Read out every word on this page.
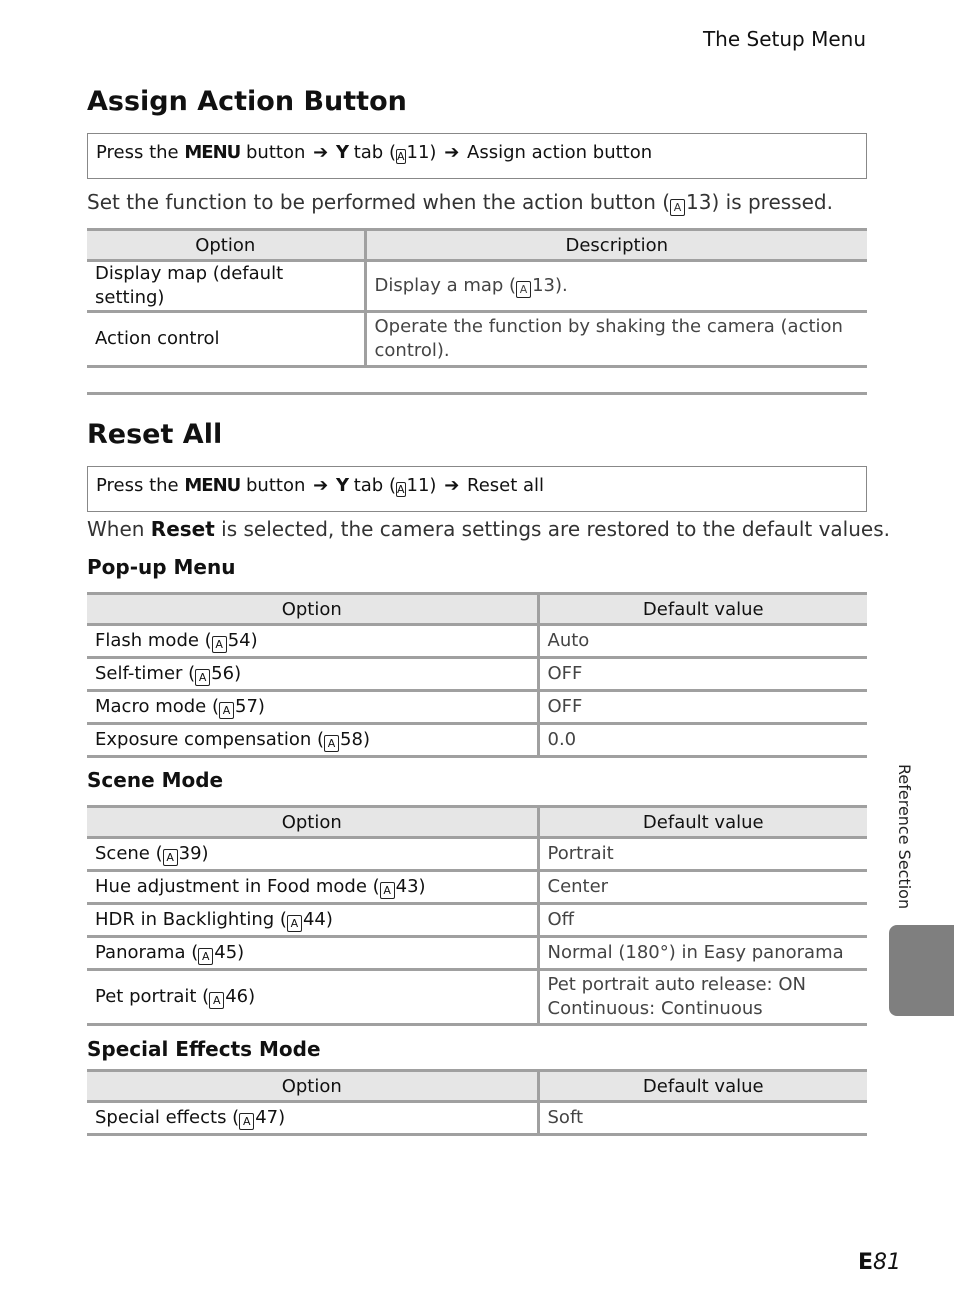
The Setup Menu
Assign Action Button
Press the MENU button ➔ Y tab (A 11) ➔ Assign action button
Set the function to be performed when the action button ( A 13) is pressed.
Option	Description
Display map (default setting)	Display a map ( A 13).
Action control	Operate the function by shaking the camera (action control).
Reset All
Press the MENU button ➔ Y tab (A 11) ➔ Reset all
When Reset is selected, the camera settings are restored to the default values.
Pop-up Menu
Option	Default value
Flash mode ( A 54)	Auto
Self-timer ( A 56)	OFF
Macro mode ( A 57)	OFF
Exposure compensation ( A 58)	0.0
Scene Mode
Option	Default value
Scene ( A 39)	Portrait
Hue adjustment in Food mode ( A 43)	Center
HDR in Backlighting ( A 44)	Off
Panorama ( A 45)	Normal (180°) in Easy panorama
Pet portrait ( A 46)	Pet portrait auto release: ON
Continuous: Continuous
Special Effects Mode
Option	Default value
Special effects ( A 47)	Soft
Reference Section
E81
